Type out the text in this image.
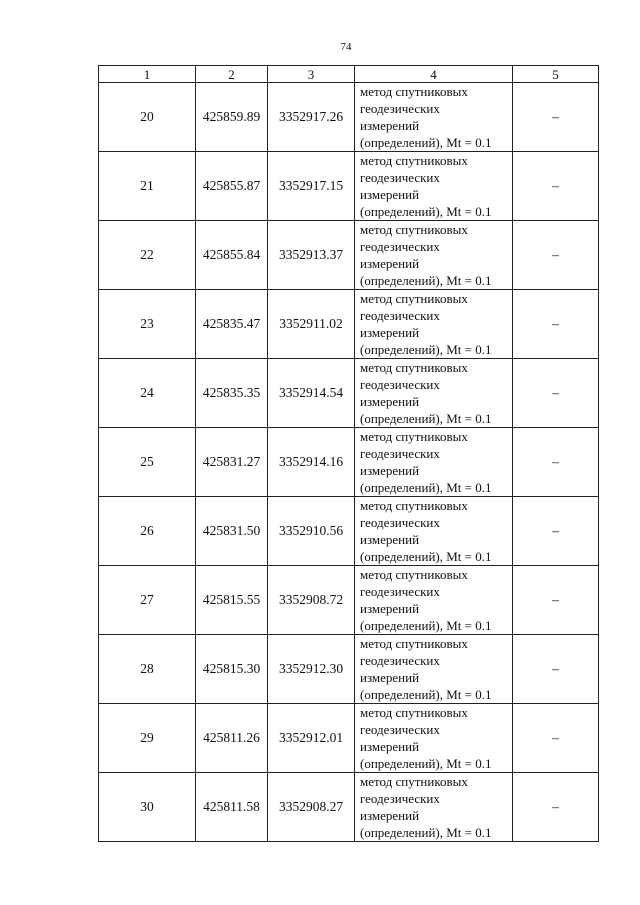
74
1	2	3	4	5
20	425859.89	3352917.26	метод спутниковых
геодезических
измерений
(определений), Mt = 0.1	–
21	425855.87	3352917.15	метод спутниковых
геодезических
измерений
(определений), Mt = 0.1	–
22	425855.84	3352913.37	метод спутниковых
геодезических
измерений
(определений), Mt = 0.1	–
23	425835.47	3352911.02	метод спутниковых
геодезических
измерений
(определений), Mt = 0.1	–
24	425835.35	3352914.54	метод спутниковых
геодезических
измерений
(определений), Mt = 0.1	–
25	425831.27	3352914.16	метод спутниковых
геодезических
измерений
(определений), Mt = 0.1	–
26	425831.50	3352910.56	метод спутниковых
геодезических
измерений
(определений), Mt = 0.1	–
27	425815.55	3352908.72	метод спутниковых
геодезических
измерений
(определений), Mt = 0.1	–
28	425815.30	3352912.30	метод спутниковых
геодезических
измерений
(определений), Mt = 0.1	–
29	425811.26	3352912.01	метод спутниковых
геодезических
измерений
(определений), Mt = 0.1	–
30	425811.58	3352908.27	метод спутниковых
геодезических
измерений
(определений), Mt = 0.1	–
